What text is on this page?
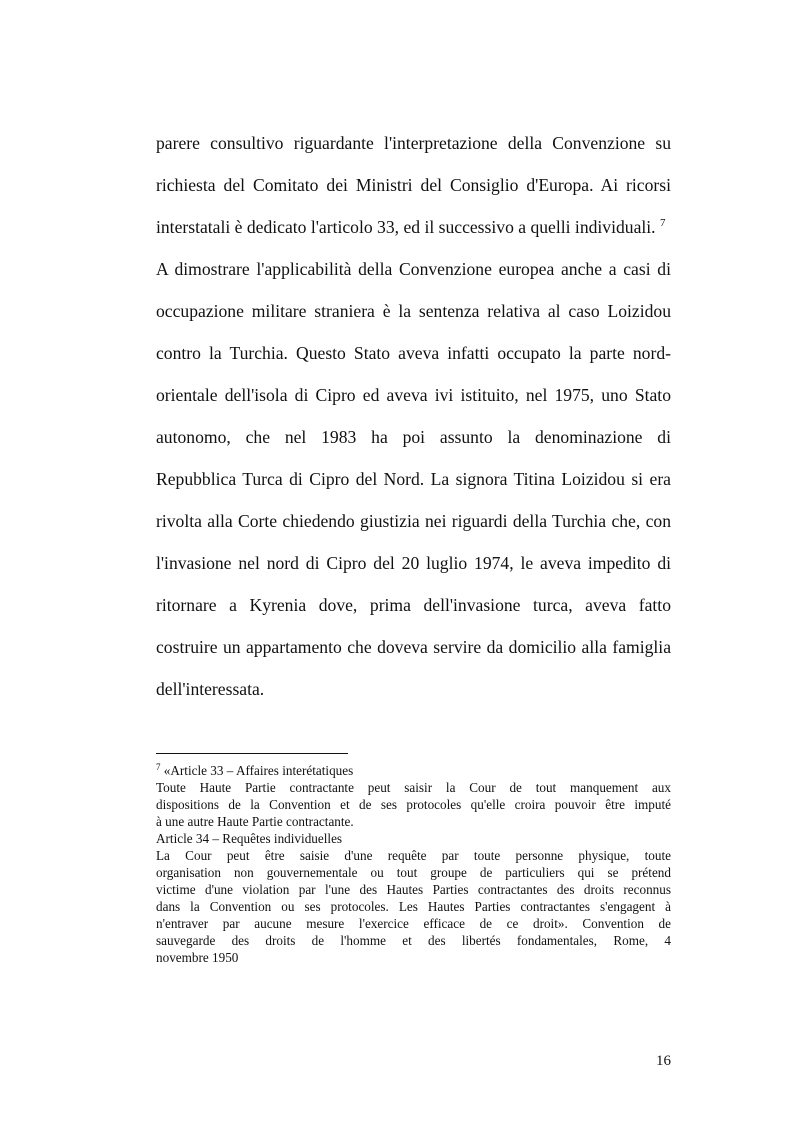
parere consultivo riguardante l'interpretazione della Convenzione su
richiesta del Comitato dei Ministri del Consiglio d'Europa. Ai ricorsi
interstatali è dedicato l'articolo 33, ed il successivo a quelli individuali. $^7$
A dimostrare l'applicabilità della Convenzione europea anche a casi di
occupazione militare straniera è la sentenza relativa al caso Loizidou
contro la Turchia. Questo Stato aveva infatti occupato la parte nord-
orientale dell'isola di Cipro ed aveva ivi istituito, nel 1975, uno Stato
autonomo, che nel 1983 ha poi assunto la denominazione di
Repubblica Turca di Cipro del Nord. La signora Titina Loizidou si era
rivolta alla Corte chiedendo giustizia nei riguardi della Turchia che, con
l'invasione nel nord di Cipro del 20 luglio 1974, le aveva impedito di
ritornare a Kyrenia dove, prima dell'invasione turca, aveva fatto
costruire un appartamento che doveva servire da domicilio alla famiglia
dell'interessata.
$^7$ «Article 33 – Affaires interétatiques
Toute Haute Partie contractante peut saisir la Cour de tout manquement aux
dispositions de la Convention et de ses protocoles qu'elle croira pouvoir être imputé
à une autre Haute Partie contractante.
Article 34 – Requêtes individuelles
La Cour peut être saisie d'une requête par toute personne physique, toute
organisation non gouvernementale ou tout groupe de particuliers qui se prétend
victime d'une violation par l'une des Hautes Parties contractantes des droits reconnus
dans la Convention ou ses protocoles. Les Hautes Parties contractantes s'engagent à
n'entraver par aucune mesure l'exercice efficace de ce droit». Convention de
sauvegarde des droits de l'homme et des libertés fondamentales, Rome, 4
novembre 1950
16
